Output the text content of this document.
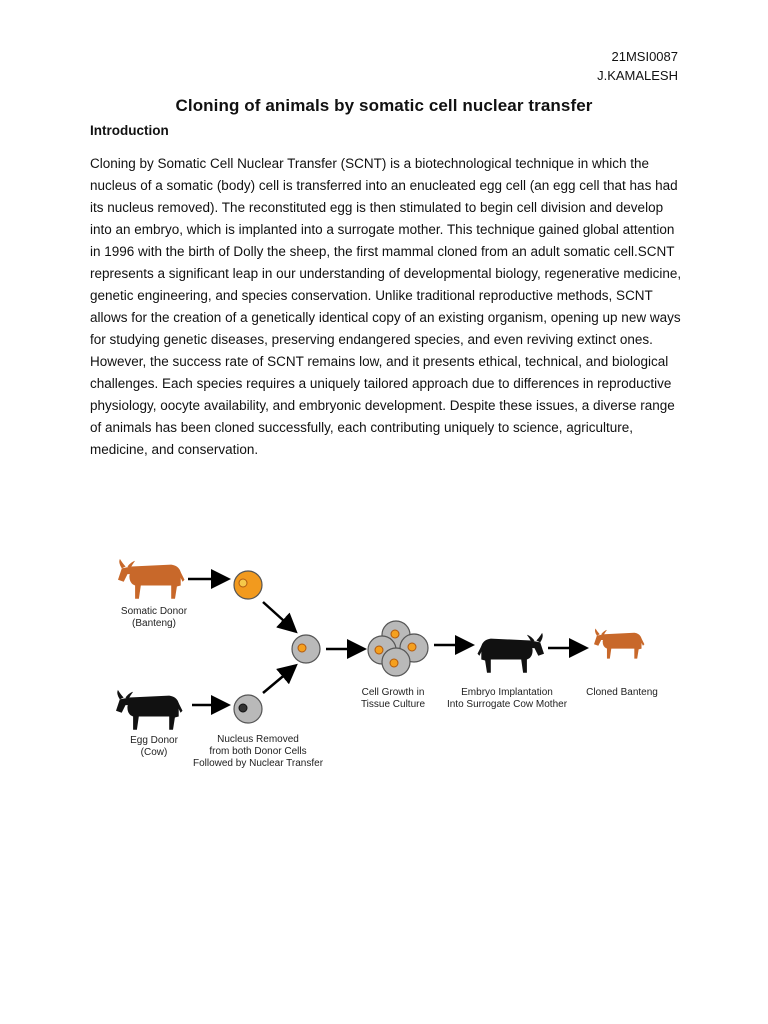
21MSI0087
J.KAMALESH
Cloning of animals by somatic cell nuclear transfer
Introduction

Cloning by Somatic Cell Nuclear Transfer (SCNT) is a biotechnological technique in which the nucleus of a somatic (body) cell is transferred into an enucleated egg cell (an egg cell that has had its nucleus removed). The reconstituted egg is then stimulated to begin cell division and develop into an embryo, which is implanted into a surrogate mother. This technique gained global attention in 1996 with the birth of Dolly the sheep, the first mammal cloned from an adult somatic cell.SCNT represents a significant leap in our understanding of developmental biology, regenerative medicine, genetic engineering, and species conservation. Unlike traditional reproductive methods, SCNT allows for the creation of a genetically identical copy of an existing organism, opening up new ways for studying genetic diseases, preserving endangered species, and even reviving extinct ones. However, the success rate of SCNT remains low, and it presents ethical, technical, and biological challenges. Each species requires a uniquely tailored approach due to differences in reproductive physiology, oocyte availability, and embryonic development. Despite these issues, a diverse range of animals has been cloned successfully, each contributing uniquely to science, agriculture, medicine, and conservation.

Somatic Donor
(Banteng)
Egg Donor
(Cow)
Nucleus Removed
from both Donor Cells
Followed by Nuclear Transfer
Cell Growth in
Tissue Culture
Embryo Implantation
Into Surrogate Cow Mother
Cloned Banteng
